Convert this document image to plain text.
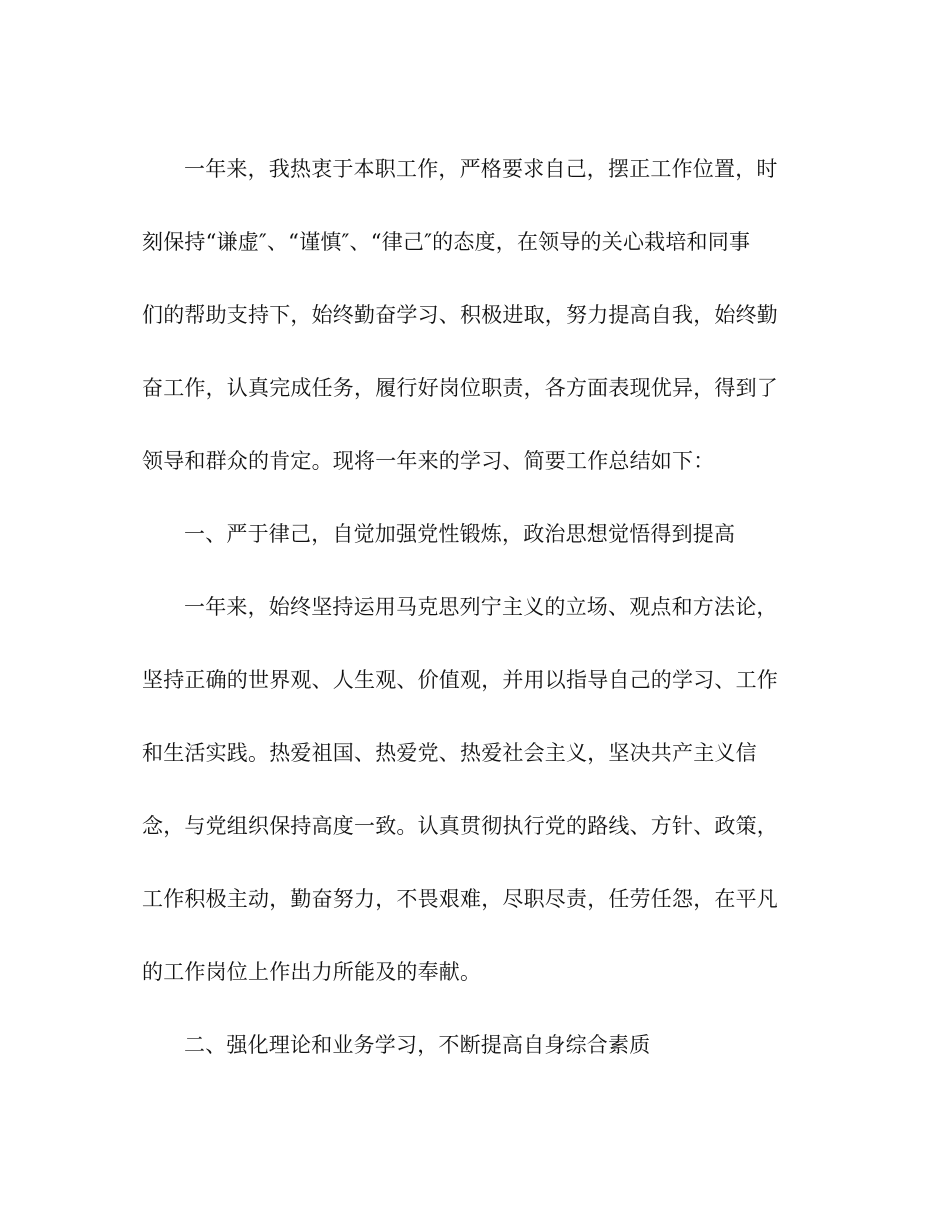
一年来，我热衷于本职工作，严格要求自己，摆正工作位置，时
刻保持“谦虚″、“谨慎″、“律己″的态度，在领导的关心栽培和同事
们的帮助支持下，始终勤奋学习、积极进取，努力提高自我，始终勤
奋工作，认真完成任务，履行好岗位职责，各方面表现优异，得到了
领导和群众的肯定。现将一年来的学习、简要工作总结如下：
一、严于律己，自觉加强党性锻炼，政治思想觉悟得到提高
一年来，始终坚持运用马克思列宁主义的立场、观点和方法论，
坚持正确的世界观、人生观、价值观，并用以指导自己的学习、工作
和生活实践。热爱祖国、热爱党、热爱社会主义，坚决共产主义信
念，与党组织保持高度一致。认真贯彻执行党的路线、方针、政策，
工作积极主动，勤奋努力，不畏艰难，尽职尽责，任劳任怨，在平凡
的工作岗位上作出力所能及的奉献。
二、强化理论和业务学习，不断提高自身综合素质
